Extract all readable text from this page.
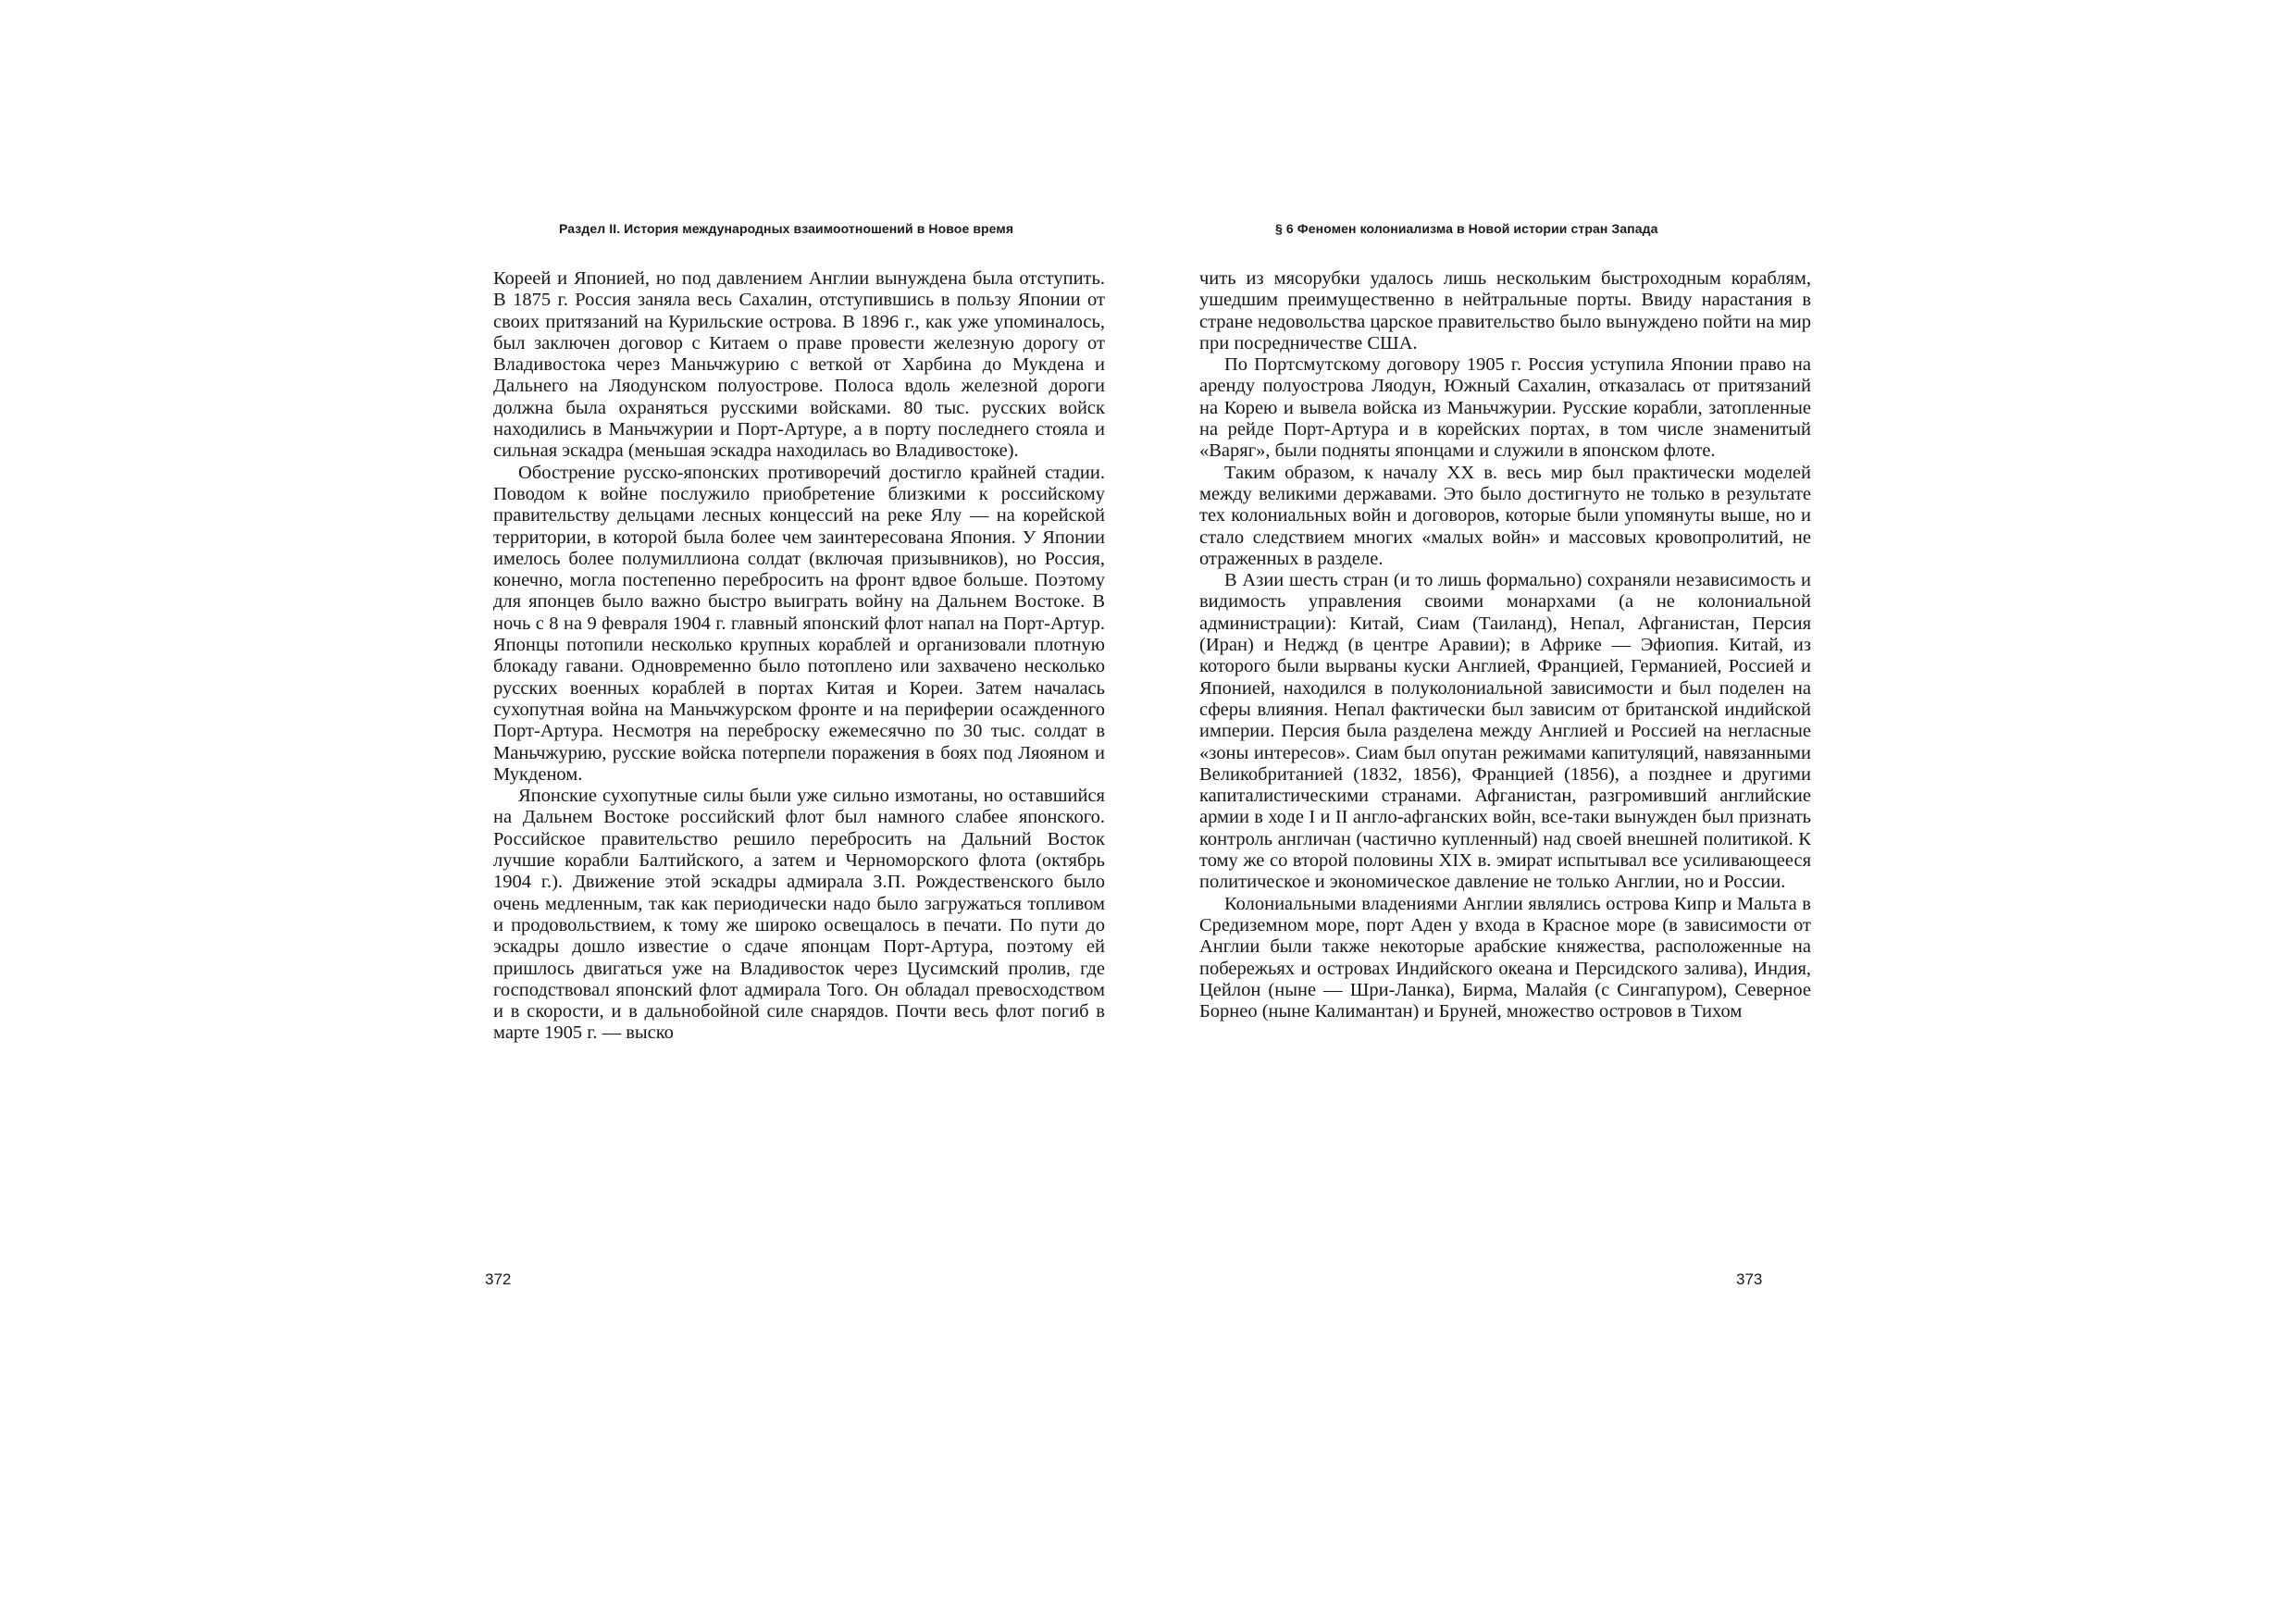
Раздел II. История международных взаимоотношений в Новое время

Кореей и Японией, но под давлением Англии вынуждена была отступить. В 1875 г. Россия заняла весь Сахалин, отступившись в пользу Японии от своих притязаний на Курильские острова. В 1896 г., как уже упоминалось, был заключен договор с Китаем о праве провести железную дорогу от Владивостока через Маньчжурию с веткой от Харбина до Мукдена и Дальнего на Ляодунском полуострове. Полоса вдоль железной дороги должна была охраняться русскими войсками. 80 тыс. русских войск находились в Маньчжурии и Порт-Артуре, а в порту последнего стояла и сильная эскадра (меньшая эскадра находилась во Владивостоке).

Обострение русско-японских противоречий достигло крайней стадии. Поводом к войне послужило приобретение близкими к российскому правительству дельцами лесных концессий на реке Ялу — на корейской территории, в которой была более чем заинтересована Япония. У Японии имелось более полумиллиона солдат (включая призывников), но Россия, конечно, могла постепенно перебросить на фронт вдвое больше. Поэтому для японцев было важно быстро выиграть войну на Дальнем Востоке. В ночь с 8 на 9 февраля 1904 г. главный японский флот напал на Порт-Артур. Японцы потопили несколько крупных кораблей и организовали плотную блокаду гавани. Одновременно было потоплено или захвачено несколько русских военных кораблей в портах Китая и Кореи. Затем началась сухопутная война на Маньчжурском фронте и на периферии осажденного Порт-Артура. Несмотря на переброску ежемесячно по 30 тыс. солдат в Маньчжурию, русские войска потерпели поражения в боях под Ляояном и Мукденом.

Японские сухопутные силы были уже сильно измотаны, но оставшийся на Дальнем Востоке российский флот был намного слабее японского. Российское правительство решило перебросить на Дальний Восток лучшие корабли Балтийского, а затем и Черноморского флота (октябрь 1904 г.). Движение этой эскадры адмирала З.П. Рождественского было очень медленным, так как периодически надо было загружаться топливом и продовольствием, к тому же широко освещалось в печати. По пути до эскадры дошло известие о сдаче японцам Порт-Артура, поэтому ей пришлось двигаться уже на Владивосток через Цусимский пролив, где господствовал японский флот адмирала Того. Он обладал превосходством и в скорости, и в дальнобойной силе снарядов. Почти весь флот погиб в марте 1905 г. — выско

372
§ 6 Феномен колониализма в Новой истории стран Запада

чить из мясорубки удалось лишь нескольким быстроходным кораблям, ушедшим преимущественно в нейтральные порты. Ввиду нарастания в стране недовольства царское правительство было вынуждено пойти на мир при посредничестве США.

По Портсмутскому договору 1905 г. Россия уступила Японии право на аренду полуострова Ляодун, Южный Сахалин, отказалась от притязаний на Корею и вывела войска из Маньчжурии. Русские корабли, затопленные на рейде Порт-Артура и в корейских портах, в том числе знаменитый «Варяг», были подняты японцами и служили в японском флоте.

Таким образом, к началу XX в. весь мир был практически моделей между великими державами. Это было достигнуто не только в результате тех колониальных войн и договоров, которые были упомянуты выше, но и стало следствием многих «малых войн» и массовых кровопролитий, не отраженных в разделе.

В Азии шесть стран (и то лишь формально) сохраняли независимость и видимость управления своими монархами (а не колониальной администрации): Китай, Сиам (Таиланд), Непал, Афганистан, Персия (Иран) и Неджд (в центре Аравии); в Африке — Эфиопия. Китай, из которого были вырваны куски Англией, Францией, Германией, Россией и Японией, находился в полуколониальной зависимости и был поделен на сферы влияния. Непал фактически был зависим от британской индийской империи. Персия была разделена между Англией и Россией на негласные «зоны интересов». Сиам был опутан режимами капитуляций, навязанными Великобританией (1832, 1856), Францией (1856), а позднее и другими капиталистическими странами. Афганистан, разгромивший английские армии в ходе I и II англо-афганских войн, все-таки вынужден был признать контроль англичан (частично купленный) над своей внешней политикой. К тому же со второй половины XIX в. эмират испытывал все усиливающееся политическое и экономическое давление не только Англии, но и России.

Колониальными владениями Англии являлись острова Кипр и Мальта в Средиземном море, порт Аден у входа в Красное море (в зависимости от Англии были также некоторые арабские княжества, расположенные на побережьях и островах Индийского океана и Персидского залива), Индия, Цейлон (ныне — Шри-Ланка), Бирма, Малайя (с Сингапуром), Северное Борнео (ныне Калимантан) и Бруней, множество островов в Тихом

373
